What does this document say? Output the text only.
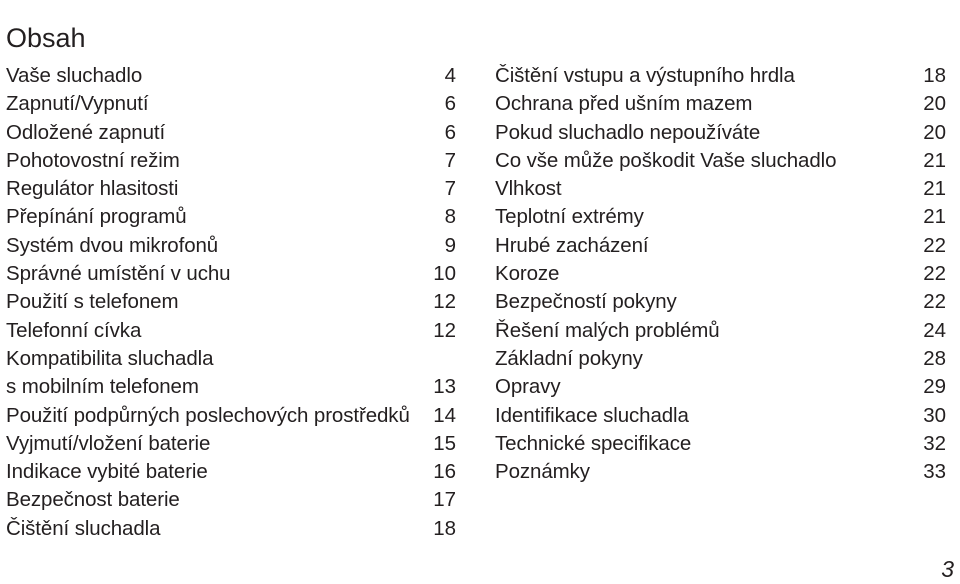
Obsah
Vaše sluchadlo	4
Zapnutí/Vypnutí	6
Odložené zapnutí	6
Pohotovostní režim	7
Regulátor hlasitosti	7
Přepínání programů	8
Systém dvou mikrofonů	9
Správné umístění v uchu	10
Použití s telefonem	12
Telefonní cívka	12
Kompatibilita sluchadla
s mobilním telefonem	13
Použití podpůrných poslechových prostředků 14
Vyjmutí/vložení baterie	15
Indikace vybité baterie	16
Bezpečnost baterie	17
Čištění sluchadla	18
Čištění vstupu a výstupního hrdla	18
Ochrana před ušním mazem	20
Pokud sluchadlo nepoužíváte	20
Co vše může poškodit Vaše sluchadlo	21
Vlhkost	21
Teplotní extrémy	21
Hrubé zacházení	22
Koroze	22
Bezpečností pokyny	22
Řešení malých problémů	24
Základní pokyny	28
Opravy	29
Identifikace sluchadla	30
Technické specifikace	32
Poznámky	33
3
